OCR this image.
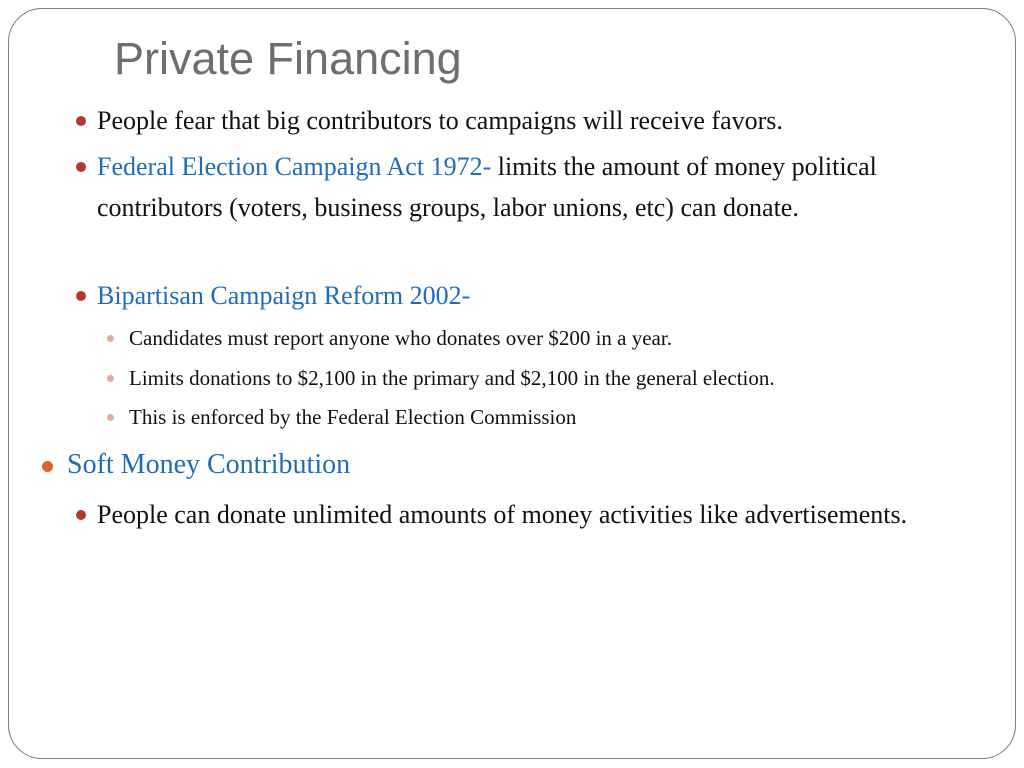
Private Financing

People fear that big contributors to campaigns will receive favors.

Federal Election Campaign Act 1972- limits the amount of money political contributors (voters, business groups, labor unions, etc) can donate.

Bipartisan Campaign Reform 2002-

Candidates must report anyone who donates over $200 in a year.

Limits donations to $2,100 in the primary and $2,100 in the general election.

This is enforced by the Federal Election Commission

Soft Money Contribution

People can donate unlimited amounts of money activities like advertisements.
